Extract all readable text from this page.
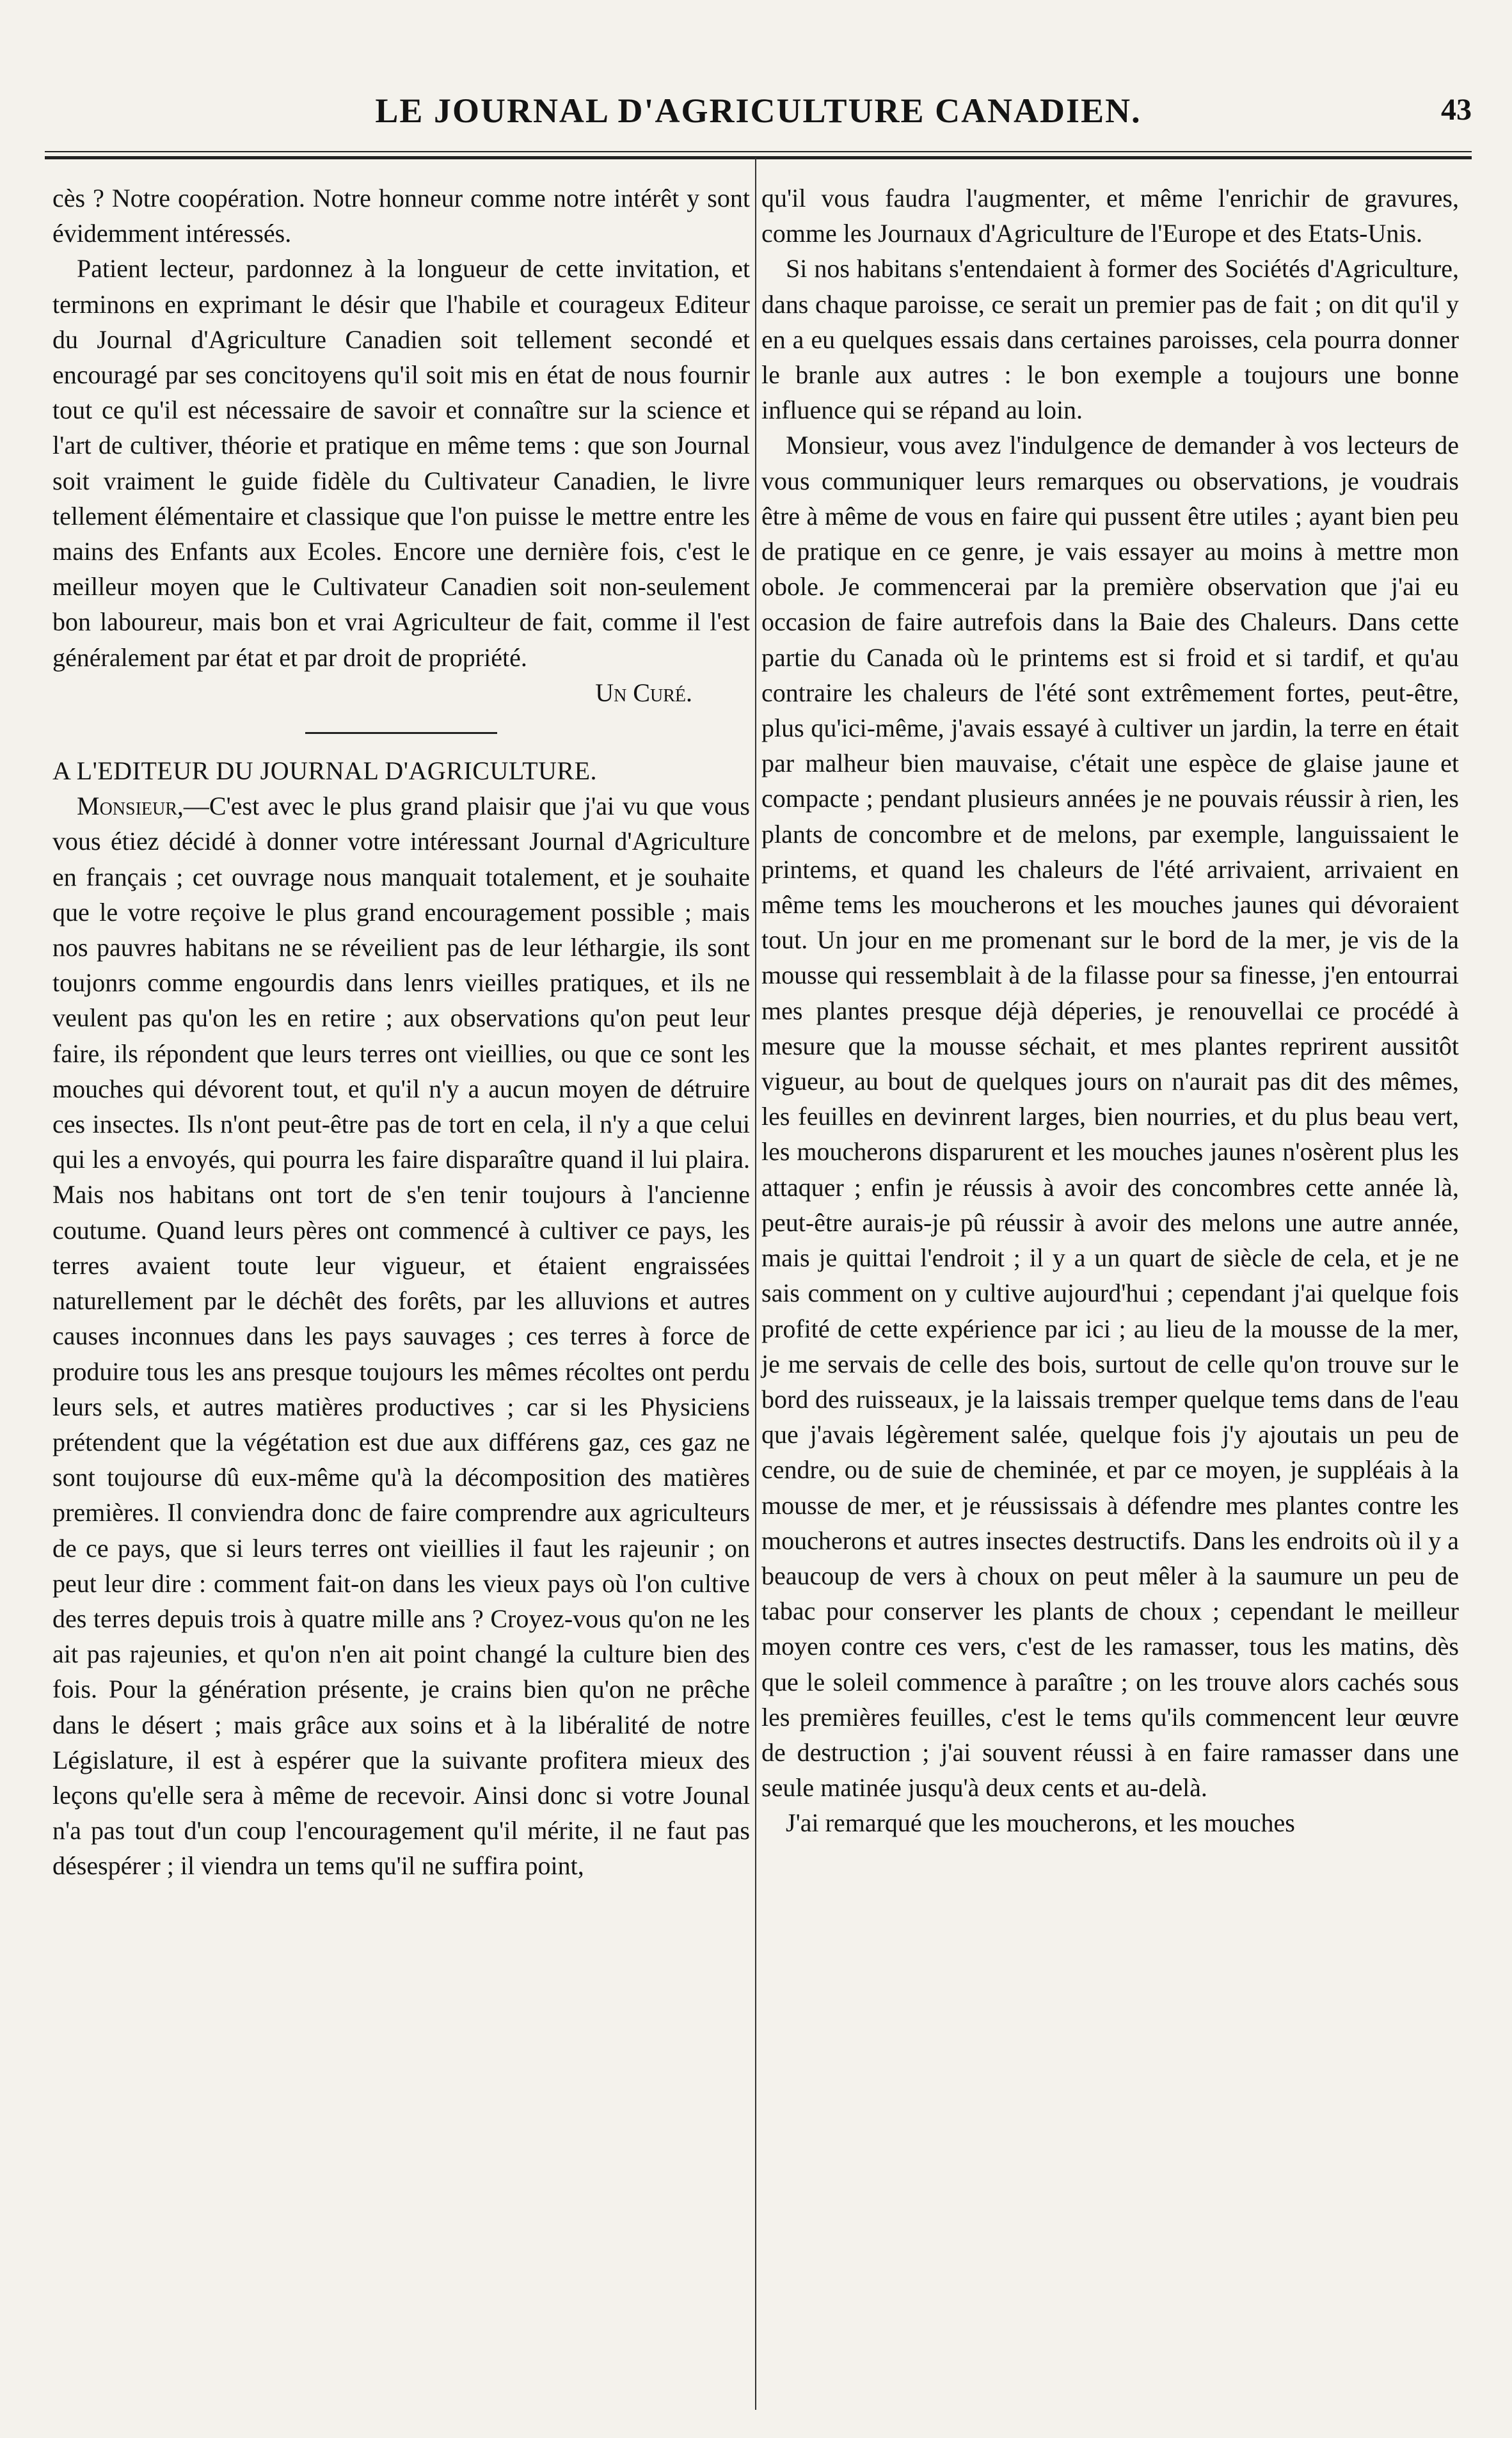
LE JOURNAL D'AGRICULTURE CANADIEN.	43

cès ? Notre coopération. Notre honneur comme notre intérêt y sont évidemment intéressés.

Patient lecteur, pardonnez à la longueur de cette invitation, et terminons en exprimant le désir que l'habile et courageux Editeur du Journal d'Agriculture Canadien soit tellement secondé et encouragé par ses concitoyens qu'il soit mis en état de nous fournir tout ce qu'il est nécessaire de savoir et connaître sur la science et l'art de cultiver, théorie et pratique en même tems : que son Journal soit vraiment le guide fidèle du Cultivateur Canadien, le livre tellement élémentaire et classique que l'on puisse le mettre entre les mains des Enfants aux Ecoles. Encore une dernière fois, c'est le meilleur moyen que le Cultivateur Canadien soit non-seulement bon laboureur, mais bon et vrai Agriculteur de fait, comme il l'est généralement par état et par droit de propriété.

Un Curé.

A L'EDITEUR DU JOURNAL D'AGRICULTURE.

Monsieur,—C'est avec le plus grand plaisir que j'ai vu que vous vous étiez décidé à donner votre intéressant Journal d'Agriculture en français ; cet ouvrage nous manquait totalement, et je souhaite que le votre reçoive le plus grand encouragement possible ; mais nos pauvres habitans ne se réveilient pas de leur léthargie, ils sont toujonrs comme engourdis dans lenrs vieilles pratiques, et ils ne veulent pas qu'on les en retire ; aux observations qu'on peut leur faire, ils répondent que leurs terres ont vieillies, ou que ce sont les mouches qui dévorent tout, et qu'il n'y a aucun moyen de détruire ces insectes. Ils n'ont peut-être pas de tort en cela, il n'y a que celui qui les a envoyés, qui pourra les faire disparaître quand il lui plaira. Mais nos habitans ont tort de s'en tenir toujours à l'ancienne coutume. Quand leurs pères ont commencé à cultiver ce pays, les terres avaient toute leur vigueur, et étaient engraissées naturellement par le déchêt des forêts, par les alluvions et autres causes inconnues dans les pays sauvages ; ces terres à force de produire tous les ans presque toujours les mêmes récoltes ont perdu leurs sels, et autres matières productives ; car si les Physiciens prétendent que la végétation est due aux différens gaz, ces gaz ne sont toujourse dû eux-même qu'à la décomposition des matières premières. Il conviendra donc de faire comprendre aux agriculteurs de ce pays, que si leurs terres ont vieillies il faut les rajeunir ; on peut leur dire : comment fait-on dans les vieux pays où l'on cultive des terres depuis trois à quatre mille ans ? Croyez-vous qu'on ne les ait pas rajeunies, et qu'on n'en ait point changé la culture bien des fois. Pour la génération présente, je crains bien qu'on ne prêche dans le désert ; mais grâce aux soins et à la libéralité de notre Législature, il est à espérer que la suivante profitera mieux des leçons qu'elle sera à même de recevoir. Ainsi donc si votre Jounal n'a pas tout d'un coup l'encouragement qu'il mérite, il ne faut pas désespérer ; il viendra un tems qu'il ne suffira point,

qu'il vous faudra l'augmenter, et même l'enrichir de gravures, comme les Journaux d'Agriculture de l'Europe et des Etats-Unis.

Si nos habitans s'entendaient à former des Sociétés d'Agriculture, dans chaque paroisse, ce serait un premier pas de fait ; on dit qu'il y en a eu quelques essais dans certaines paroisses, cela pourra donner le branle aux autres : le bon exemple a toujours une bonne influence qui se répand au loin.

Monsieur, vous avez l'indulgence de demander à vos lecteurs de vous communiquer leurs remarques ou observations, je voudrais être à même de vous en faire qui pussent être utiles ; ayant bien peu de pratique en ce genre, je vais essayer au moins à mettre mon obole. Je commencerai par la première observation que j'ai eu occasion de faire autrefois dans la Baie des Chaleurs. Dans cette partie du Canada où le printems est si froid et si tardif, et qu'au contraire les chaleurs de l'été sont extrêmement fortes, peut-être, plus qu'ici-même, j'avais essayé à cultiver un jardin, la terre en était par malheur bien mauvaise, c'était une espèce de glaise jaune et compacte ; pendant plusieurs années je ne pouvais réussir à rien, les plants de concombre et de melons, par exemple, languissaient le printems, et quand les chaleurs de l'été arrivaient, arrivaient en même tems les moucherons et les mouches jaunes qui dévoraient tout. Un jour en me promenant sur le bord de la mer, je vis de la mousse qui ressemblait à de la filasse pour sa finesse, j'en entourrai mes plantes presque déjà déperies, je renouvellai ce procédé à mesure que la mousse séchait, et mes plantes reprirent aussitôt vigueur, au bout de quelques jours on n'aurait pas dit des mêmes, les feuilles en devinrent larges, bien nourries, et du plus beau vert, les moucherons disparurent et les mouches jaunes n'osèrent plus les attaquer ; enfin je réussis à avoir des concombres cette année là, peut-être aurais-je pû réussir à avoir des melons une autre année, mais je quittai l'endroit ; il y a un quart de siècle de cela, et je ne sais comment on y cultive aujourd'hui ; cependant j'ai quelque fois profité de cette expérience par ici ; au lieu de la mousse de la mer, je me servais de celle des bois, surtout de celle qu'on trouve sur le bord des ruisseaux, je la laissais tremper quelque tems dans de l'eau que j'avais légèrement salée, quelque fois j'y ajoutais un peu de cendre, ou de suie de cheminée, et par ce moyen, je suppléais à la mousse de mer, et je réussissais à défendre mes plantes contre les moucherons et autres insectes destructifs. Dans les endroits où il y a beaucoup de vers à choux on peut mêler à la saumure un peu de tabac pour conserver les plants de choux ; cependant le meilleur moyen contre ces vers, c'est de les ramasser, tous les matins, dès que le soleil commence à paraître ; on les trouve alors cachés sous les premières feuilles, c'est le tems qu'ils commencent leur œuvre de destruction ; j'ai souvent réussi à en faire ramasser dans une seule matinée jusqu'à deux cents et au-delà.

J'ai remarqué que les moucherons, et les mouches
